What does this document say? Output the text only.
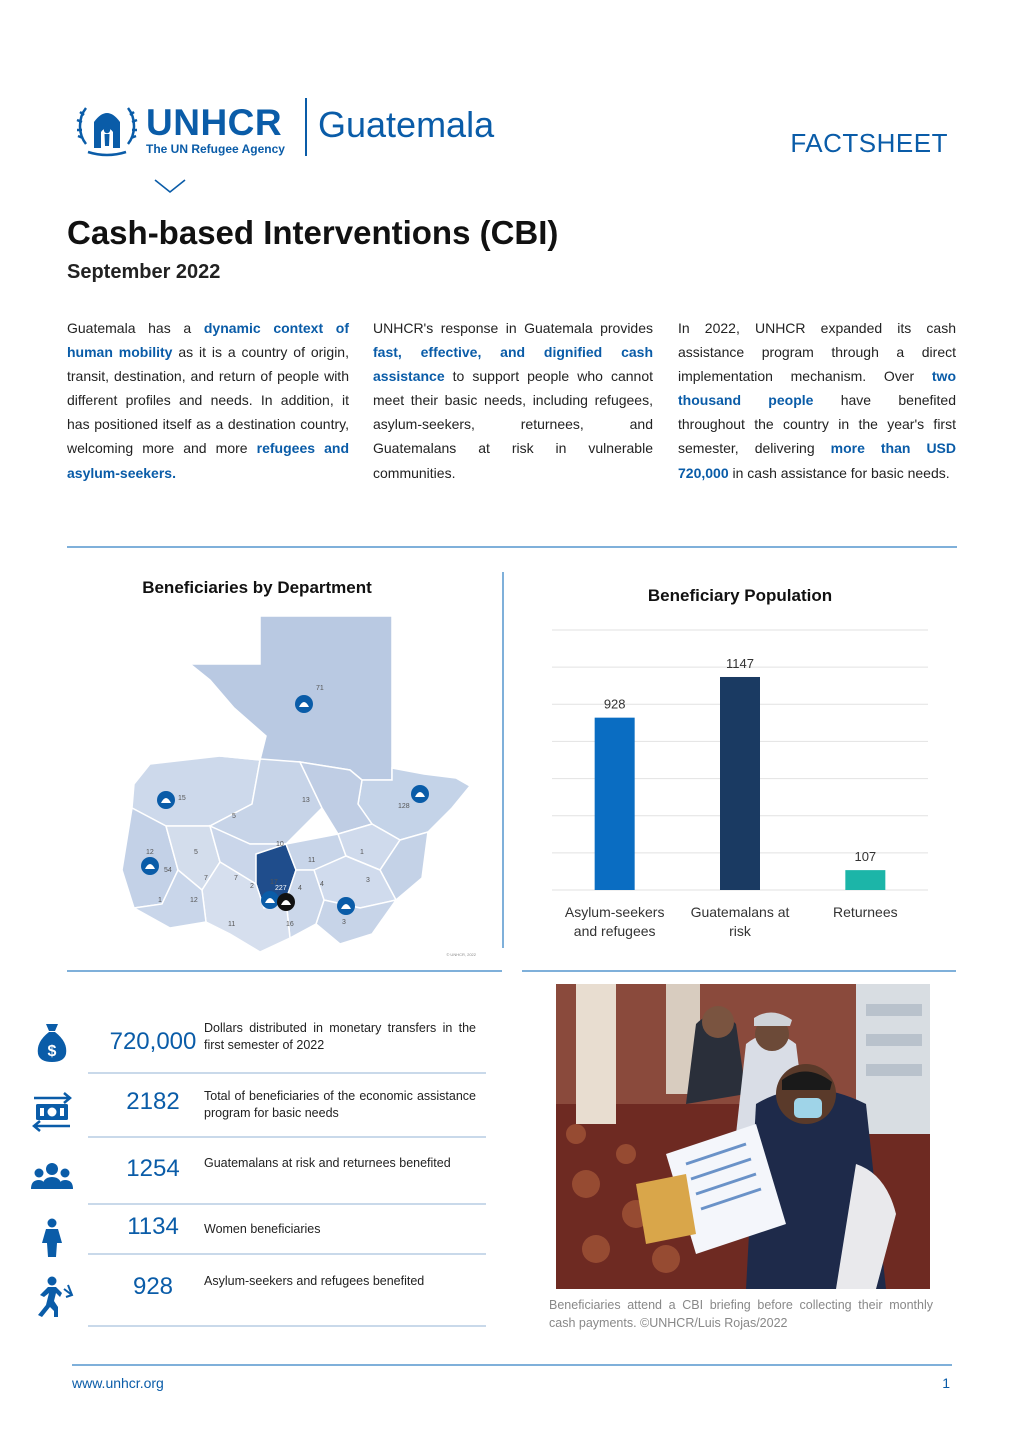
UNHCR
The UN Refugee Agency
Guatemala	FACTSHEET
Cash-based Interventions (CBI)
September 2022
Guatemala has a dynamic context of human mobility as it is a country of origin, transit, destination, and return of people with different profiles and needs. In addition, it has positioned itself as a destination country, welcoming more and more refugees and asylum-seekers.
UNHCR's response in Guatemala provides fast, effective, and dignified cash assistance to support people who cannot meet their basic needs, including refugees, asylum-seekers, returnees, and Guatemalans at risk in vulnerable communities.
In 2022, UNHCR expanded its cash assistance program through a direct implementation mechanism. Over two thousand people have benefited throughout the country in the year's first semester, delivering more than USD 720,000 in cash assistance for basic needs.
Beneficiaries by Department
71
15	13
5
10
11
128
1
5
4
3
7	7
2
12
54
1
12
11	16
17
4
3
227
© UNHCR, 2022
Beneficiary Population
928
Asylum-seekers
and refugees
1147
Guatemalans at
risk
107
Returnees
$	720,000 Dollars distributed in monetary transfers in the first semester of 2022
2182	Total of beneficiaries of the economic assistance program for basic needs
1254	Guatemalans at risk and returnees benefited
1134	Women beneficiaries
928	Asylum-seekers and refugees benefited
Beneficiaries attend a CBI briefing before collecting their monthly cash payments. ©UNHCR/Luis Rojas/2022
www.unhcr.org	1
